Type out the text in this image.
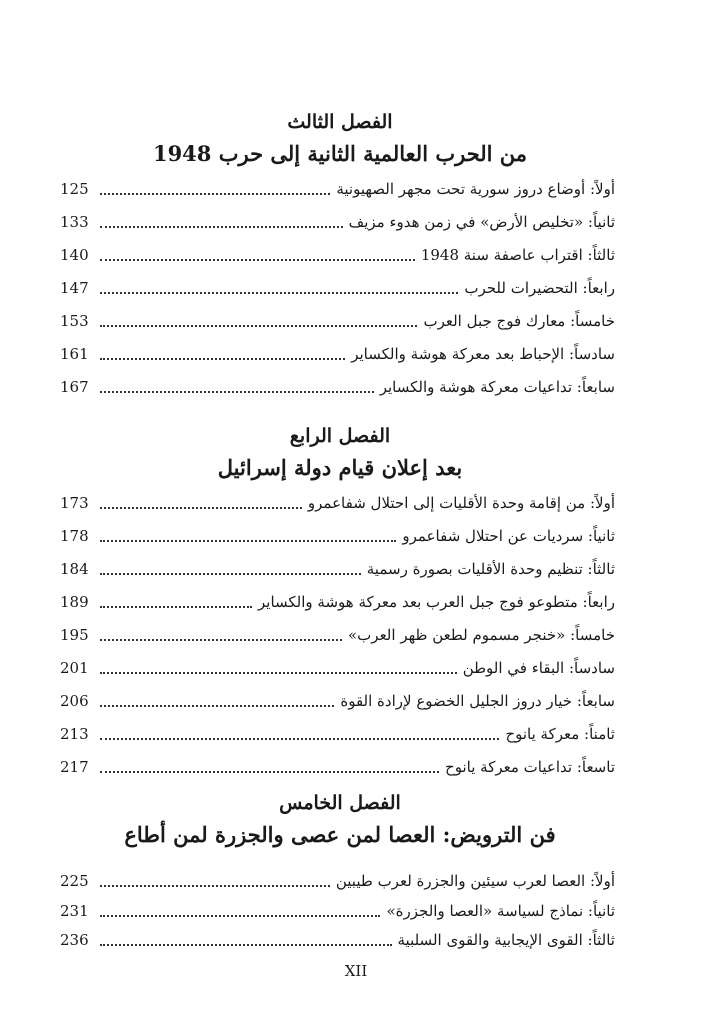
الفصل الثالث
من الحرب العالمية الثانية إلى حرب 1948
أولاً: أوضاع دروز سورية تحت مجهر الصهيونية
125
ثانياً: «تخليص الأرض» في زمن هدوء مزيف
133
ثالثاً: اقتراب عاصفة سنة 1948
140
رابعاً: التحضيرات للحرب
147
خامساً: معارك فوج جبل العرب
153
سادساً: الإحباط بعد معركة هوشة والكساير
161
سابعاً: تداعيات معركة هوشة والكساير
167
الفصل الرابع
بعد إعلان قيام دولة إسرائيل
أولاً: من إقامة وحدة الأقليات إلى احتلال شفاعمرو
173
ثانياً: سرديات عن احتلال شفاعمرو
178
ثالثاً: تنظيم وحدة الأقليات بصورة رسمية
184
رابعاً: متطوعو فوج جبل العرب بعد معركة هوشة والكساير
189
خامساً: «خنجر مسموم لطعن ظهر العرب»
195
سادساً: البقاء في الوطن
201
سابعاً: خيار دروز الجليل الخضوع لإرادة القوة
206
ثامناً: معركة يانوح
213
تاسعاً: تداعيات معركة يانوح
217
الفصل الخامس
فن الترويض: العصا لمن عصى والجزرة لمن أطاع
أولاً: العصا لعرب سيئين والجزرة لعرب طيبين
225
ثانياً: نماذج لسياسة «العصا والجزرة»
231
ثالثاً: القوى الإيجابية والقوى السلبية
236
XII
